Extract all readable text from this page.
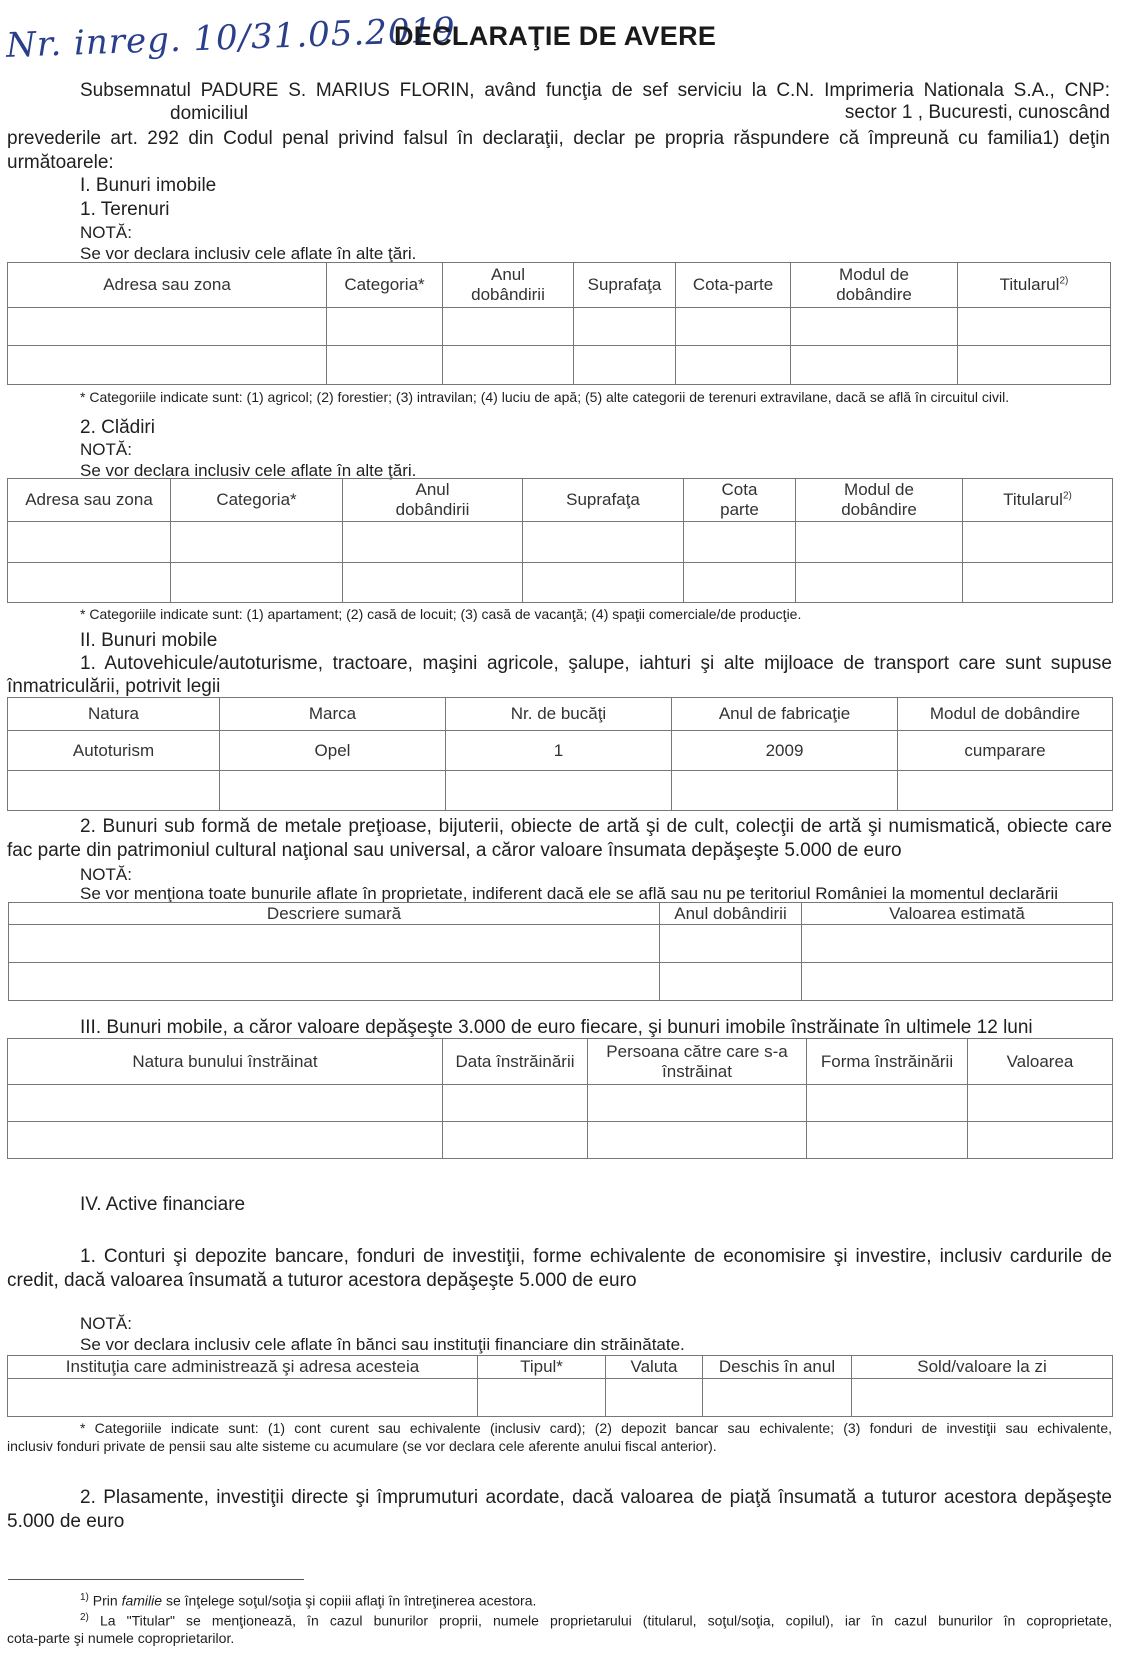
Nr. inreg. 10/31.05.2019
DECLARAŢIE DE AVERE
Subsemnatul PADURE S. MARIUS FLORIN, având funcţia de sef serviciu la C.N. Imprimeria Nationala S.A., CNP:
domiciliul	sector 1 , Bucuresti, cunoscând
prevederile art. 292 din Codul penal privind falsul în declaraţii, declar pe propria răspundere că împreună cu familia1) deţin
următoarele:
I. Bunuri imobile
1. Terenuri
NOTĂ:
Se vor declara inclusiv cele aflate în alte ţări.
Adresa sau zona	Categoria*	Anul dobândirii	Suprafaţa	Cota-parte	Modul de dobândire	Titularul$^{2)}$

* Categoriile indicate sunt: (1) agricol; (2) forestier; (3) intravilan; (4) luciu de apă; (5) alte categorii de terenuri extravilane, dacă se află în circuitul civil.
2. Clădiri
NOTĂ:
Se vor declara inclusiv cele aflate în alte ţări.
Adresa sau zona	Categoria*	Anul dobândirii	Suprafaţa	Cota parte	Modul de dobândire	Titularul$^{2)}$

* Categoriile indicate sunt: (1) apartament; (2) casă de locuit; (3) casă de vacanţă; (4) spaţii comerciale/de producţie.
II. Bunuri mobile
1. Autovehicule/autoturisme, tractoare, maşini agricole, şalupe, iahturi şi alte mijloace de transport care sunt supuse
înmatriculării, potrivit legii
Natura	Marca	Nr. de bucăţi	Anul de fabricaţie	Modul de dobândire
Autoturism	Opel	1	2009	cumparare

2. Bunuri sub formă de metale preţioase, bijuterii, obiecte de artă şi de cult, colecţii de artă şi numismatică, obiecte care
fac parte din patrimoniul cultural naţional sau universal, a căror valoare însumata depăşeşte 5.000 de euro
NOTĂ:
Se vor menţiona toate bunurile aflate în proprietate, indiferent dacă ele se află sau nu pe teritoriul României la momentul declarării
Descriere sumară	Anul dobândirii	Valoarea estimată

III. Bunuri mobile, a căror valoare depăşeşte 3.000 de euro fiecare, şi bunuri imobile înstrăinate în ultimele 12 luni
Natura bunului înstrăinat	Data înstrăinării	Persoana către care s-a înstrăinat	Forma înstrăinării	Valoarea

IV. Active financiare
1. Conturi şi depozite bancare, fonduri de investiţii, forme echivalente de economisire şi investire, inclusiv cardurile de
credit, dacă valoarea însumată a tuturor acestora depăşeşte 5.000 de euro
NOTĂ:
Se vor declara inclusiv cele aflate în bănci sau instituţii financiare din străinătate.
Instituţia care administrează şi adresa acesteia	Tipul*	Valuta	Deschis în anul	Sold/valoare la zi

* Categoriile indicate sunt: (1) cont curent sau echivalente (inclusiv card); (2) depozit bancar sau echivalente; (3) fonduri de investiţii sau echivalente,
inclusiv fonduri private de pensii sau alte sisteme cu acumulare (se vor declara cele aferente anului fiscal anterior).
2. Plasamente, investiţii directe şi împrumuturi acordate, dacă valoarea de piaţă însumată a tuturor acestora depăşeşte
5.000 de euro
$^{1)}$ Prin familie se înţelege soţul/soţia şi copiii aflaţi în întreţinerea acestora.
$^{2)}$ La "Titular" se menţionează, în cazul bunurilor proprii, numele proprietarului (titularul, soţul/soţia, copilul), iar în cazul bunurilor în coproprietate,
cota-parte şi numele coproprietarilor.
